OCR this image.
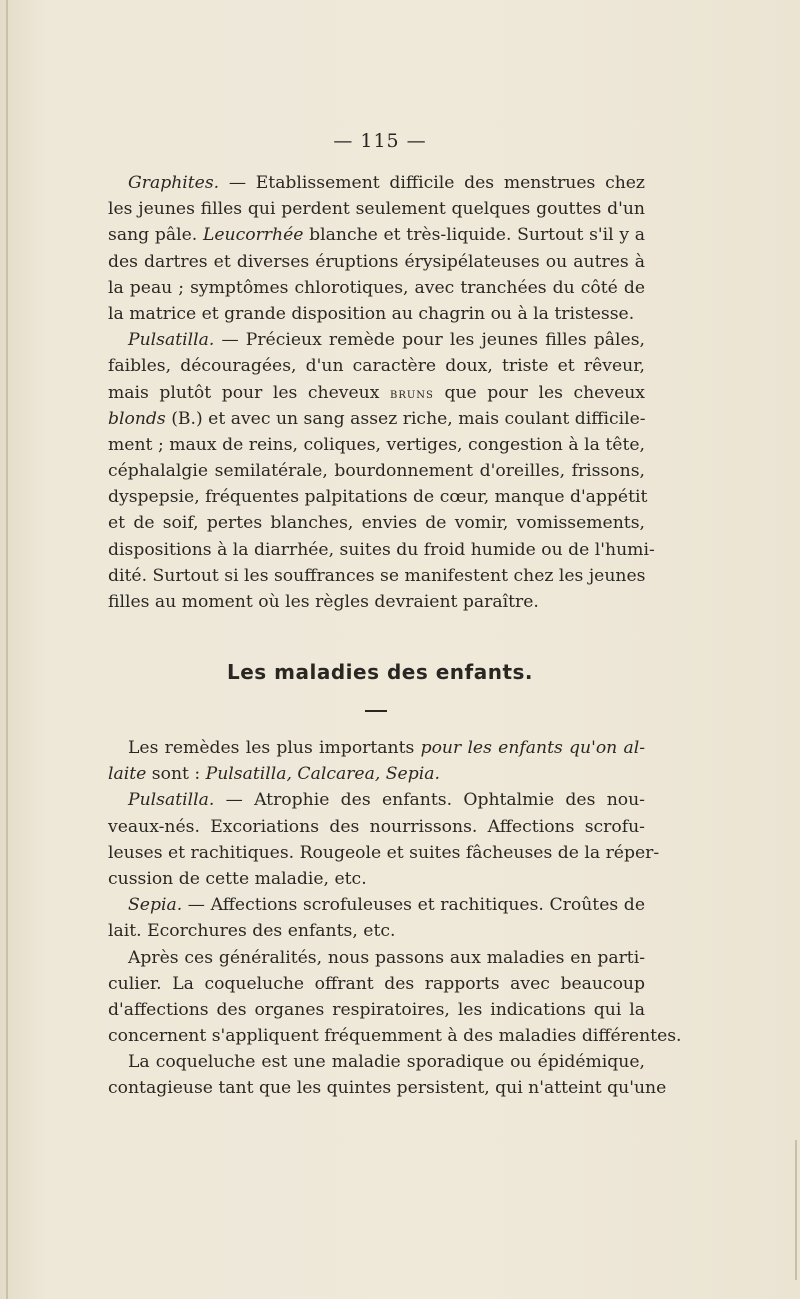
— 115 —
Graphites. — Etablissement difficile des menstrues chez
les jeunes filles qui perdent seulement quelques gouttes d'un
sang pâle. Leucorrhée blanche et très-liquide. Surtout s'il y a
des dartres et diverses éruptions érysipélateuses ou autres à
la peau ; symptômes chlorotiques, avec tranchées du côté de
la matrice et grande disposition au chagrin ou à la tristesse.
Pulsatilla. — Précieux remède pour les jeunes filles pâles,
faibles, découragées, d'un caractère doux, triste et rêveur,
mais plutôt pour les cheveux bruns que pour les cheveux
blonds (B.) et avec un sang assez riche, mais coulant difficile-
ment ; maux de reins, coliques, vertiges, congestion à la tête,
céphalalgie semilatérale, bourdonnement d'oreilles, frissons,
dyspepsie, fréquentes palpitations de cœur, manque d'appétit
et de soif, pertes blanches, envies de vomir, vomissements,
dispositions à la diarrhée, suites du froid humide ou de l'humi-
dité. Surtout si les souffrances se manifestent chez les jeunes
filles au moment où les règles devraient paraître.
Les maladies des enfants.
Les remèdes les plus importants pour les enfants qu'on al-
laite sont : Pulsatilla, Calcarea, Sepia.
Pulsatilla. — Atrophie des enfants. Ophtalmie des nou-
veaux-nés. Excoriations des nourrissons. Affections scrofu-
leuses et rachitiques. Rougeole et suites fâcheuses de la réper-
cussion de cette maladie, etc.
Sepia. — Affections scrofuleuses et rachitiques. Croûtes de
lait. Ecorchures des enfants, etc.
Après ces généralités, nous passons aux maladies en parti-
culier. La coqueluche offrant des rapports avec beaucoup
d'affections des organes respiratoires, les indications qui la
concernent s'appliquent fréquemment à des maladies différentes.
La coqueluche est une maladie sporadique ou épidémique,
contagieuse tant que les quintes persistent, qui n'atteint qu'une
